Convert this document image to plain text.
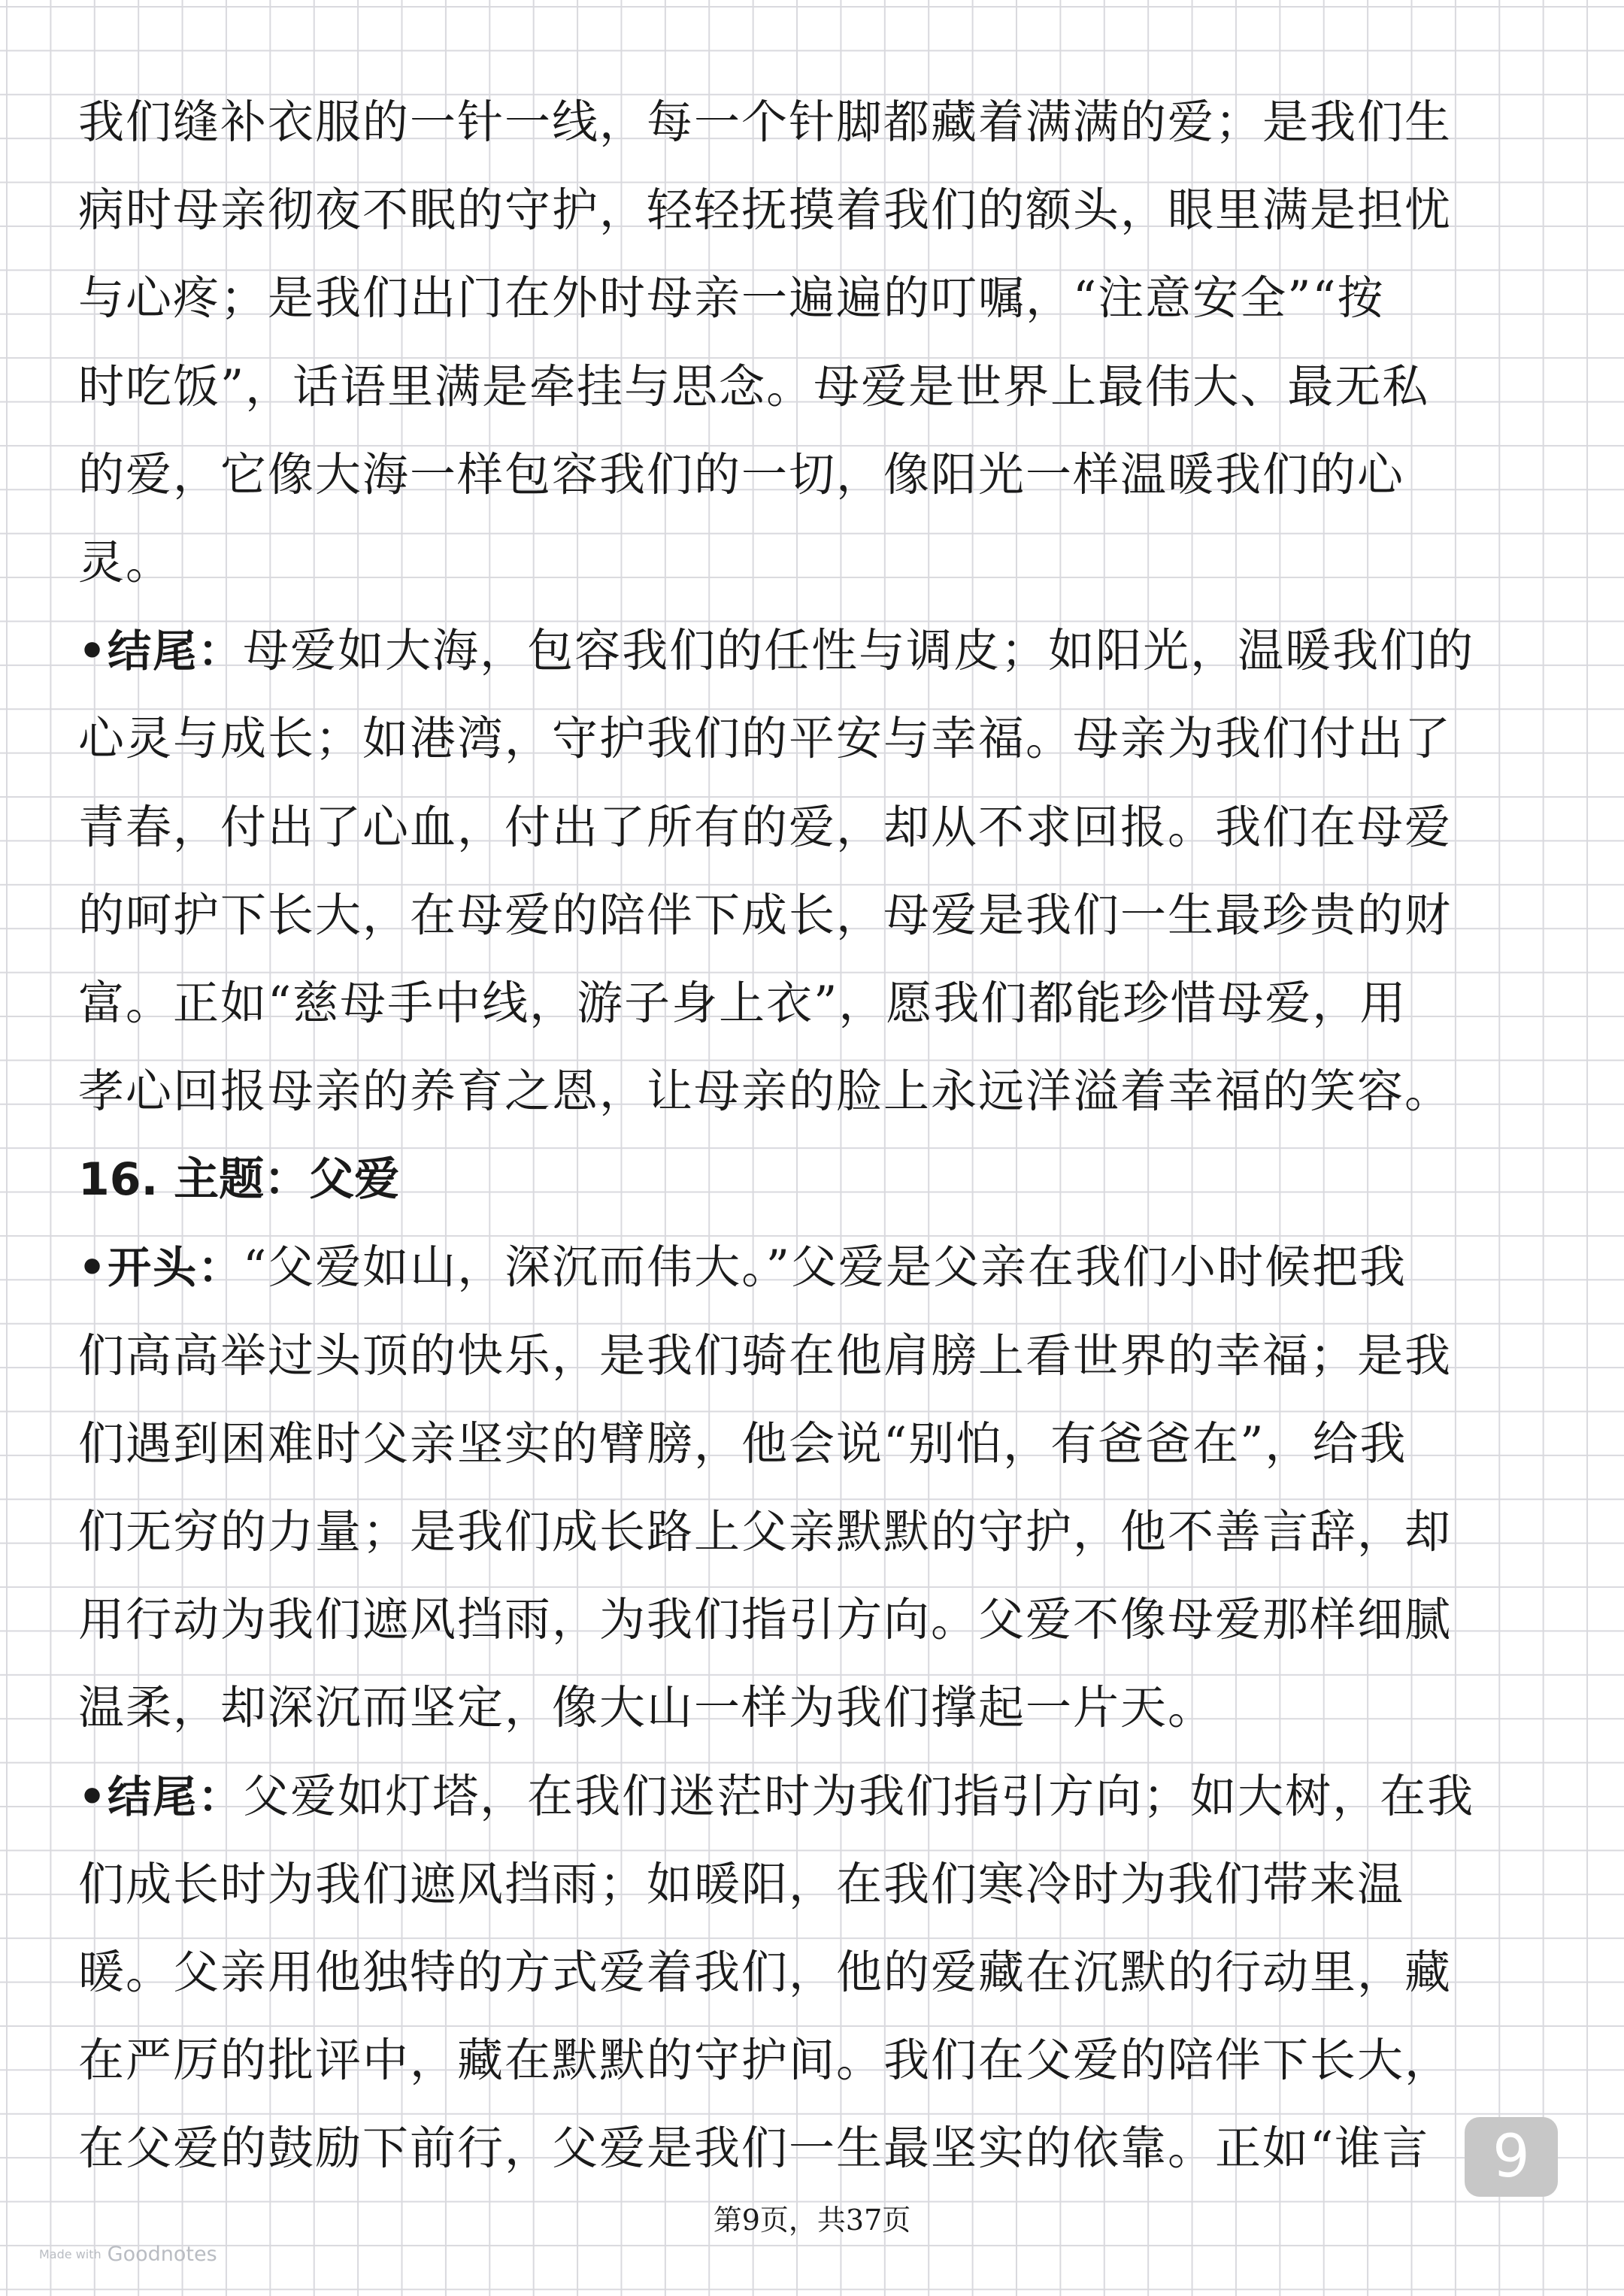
我们缝补衣服的一针一线，每一个针脚都藏着满满的爱；是我们生
病时母亲彻夜不眠的守护，轻轻抚摸着我们的额头，眼里满是担忧
与心疼；是我们出门在外时母亲一遍遍的叮嘱，“注意安全”“按
时吃饭”，话语里满是牵挂与思念。母爱是世界上最伟大、最无私
的爱，它像大海一样包容我们的一切，像阳光一样温暖我们的心
灵。
•结尾：母爱如大海，包容我们的任性与调皮；如阳光，温暖我们的
心灵与成长；如港湾，守护我们的平安与幸福。母亲为我们付出了
青春，付出了心血，付出了所有的爱，却从不求回报。我们在母爱
的呵护下长大，在母爱的陪伴下成长，母爱是我们一生最珍贵的财
富。正如“慈母手中线，游子身上衣”，愿我们都能珍惜母爱，用
孝心回报母亲的养育之恩，让母亲的脸上永远洋溢着幸福的笑容。
16. 主题：父爱
•开头：“父爱如山，深沉而伟大。”父爱是父亲在我们小时候把我
们高高举过头顶的快乐，是我们骑在他肩膀上看世界的幸福；是我
们遇到困难时父亲坚实的臂膀，他会说“别怕，有爸爸在”，给我
们无穷的力量；是我们成长路上父亲默默的守护，他不善言辞，却
用行动为我们遮风挡雨，为我们指引方向。父爱不像母爱那样细腻
温柔，却深沉而坚定，像大山一样为我们撑起一片天。
•结尾：父爱如灯塔，在我们迷茫时为我们指引方向；如大树，在我
们成长时为我们遮风挡雨；如暖阳，在我们寒冷时为我们带来温
暖。父亲用他独特的方式爱着我们，他的爱藏在沉默的行动里，藏
在严厉的批评中，藏在默默的守护间。我们在父爱的陪伴下长大，
在父爱的鼓励下前行，父爱是我们一生最坚实的依靠。正如“谁言	9
第9页，共37页
Made with Goodnotes
